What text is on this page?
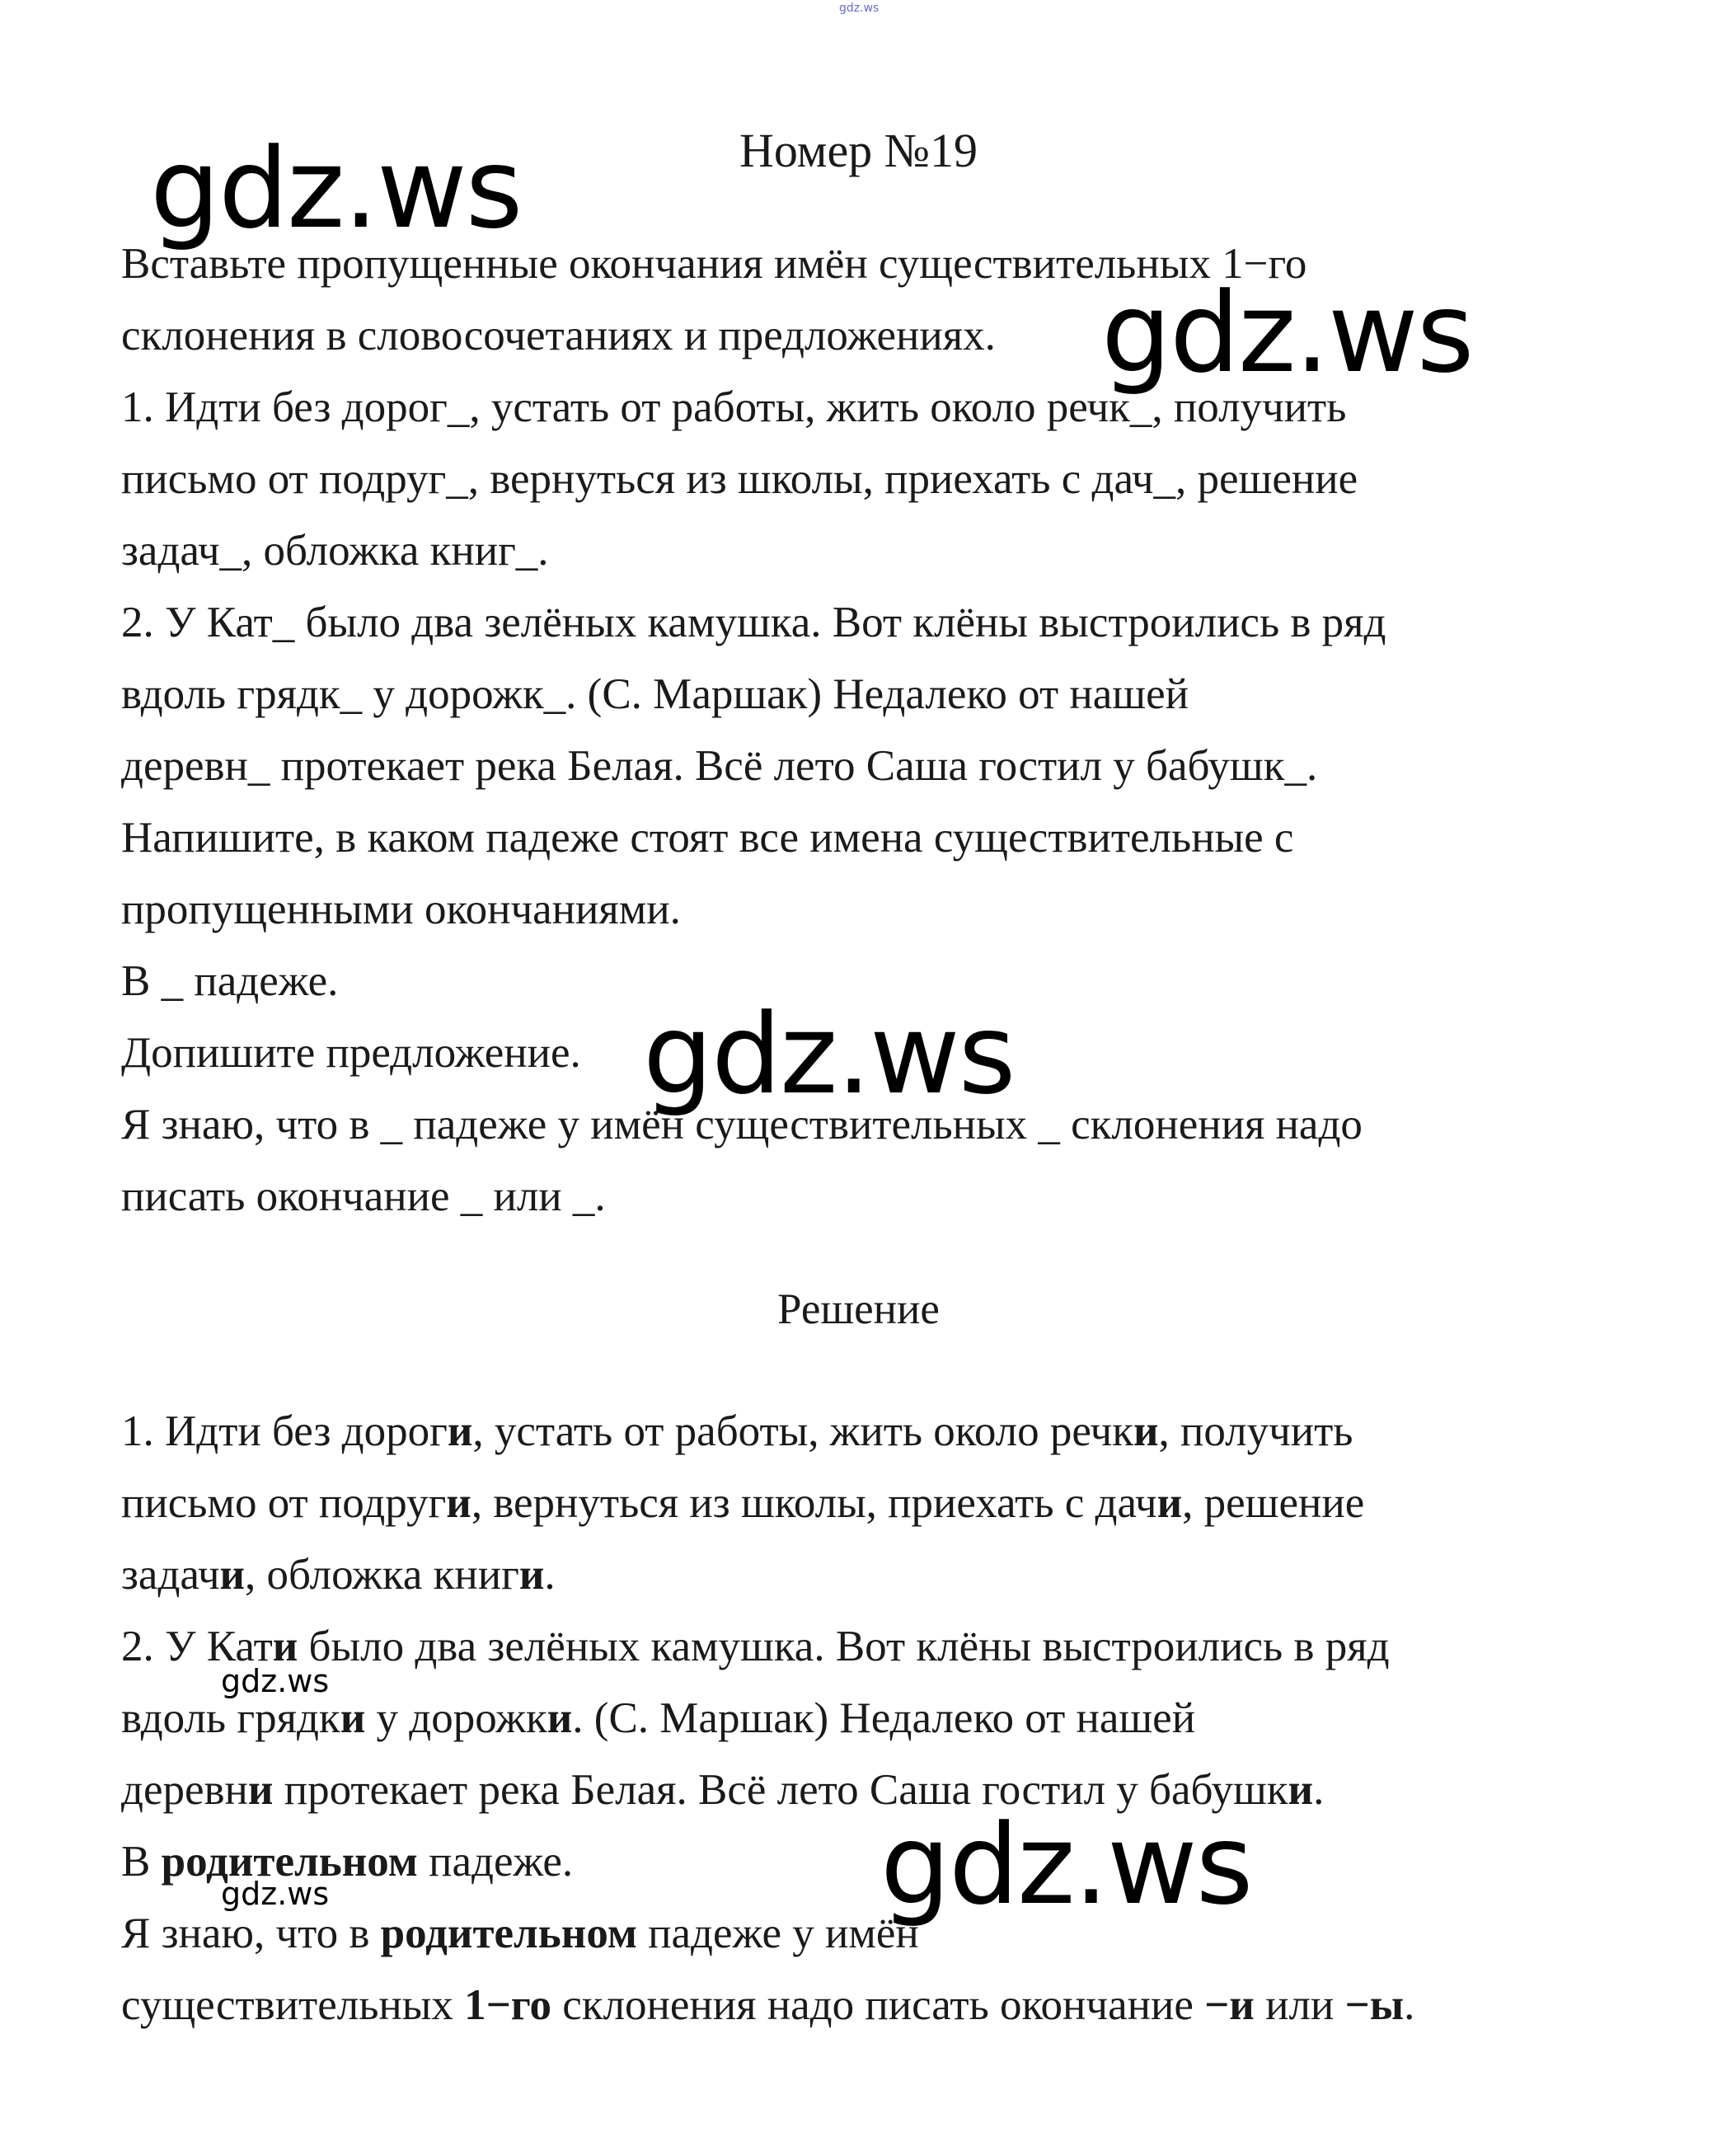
gdz.ws
Номер №19
Вставьте пропущенные окончания имён существительных 1−го
склонения в словосочетаниях и предложениях.
1. Идти без дорог_, устать от работы, жить около речк_, получить
письмо от подруг_, вернуться из школы, приехать с дач_, решение
задач_, обложка книг_.
2. У Кат_ было два зелёных камушка. Вот клёны выстроились в ряд
вдоль грядк_ у дорожк_. (С. Маршак) Недалеко от нашей
деревн_ протекает река Белая. Всё лето Саша гостил у бабушк_.
Напишите, в каком падеже стоят все имена существительные с
пропущенными окончаниями.
В _ падеже.
Допишите предложение.
Я знаю, что в _ падеже у имён существительных _ склонения надо
писать окончание _ или _.
Решение
1. Идти без дороги, устать от работы, жить около речки, получить
письмо от подруги, вернуться из школы, приехать с дачи, решение
задачи, обложка книги.
2. У Кати было два зелёных камушка. Вот клёны выстроились в ряд
вдоль грядки у дорожки. (С. Маршак) Недалеко от нашей
деревни протекает река Белая. Всё лето Саша гостил у бабушки.
В родительном падеже.
Я знаю, что в родительном падеже у имён
существительных 1−го склонения надо писать окончание −и или −ы.
gdz.ws
gdz.ws
gdz.ws
gdz.ws
gdz.ws
gdz.ws
